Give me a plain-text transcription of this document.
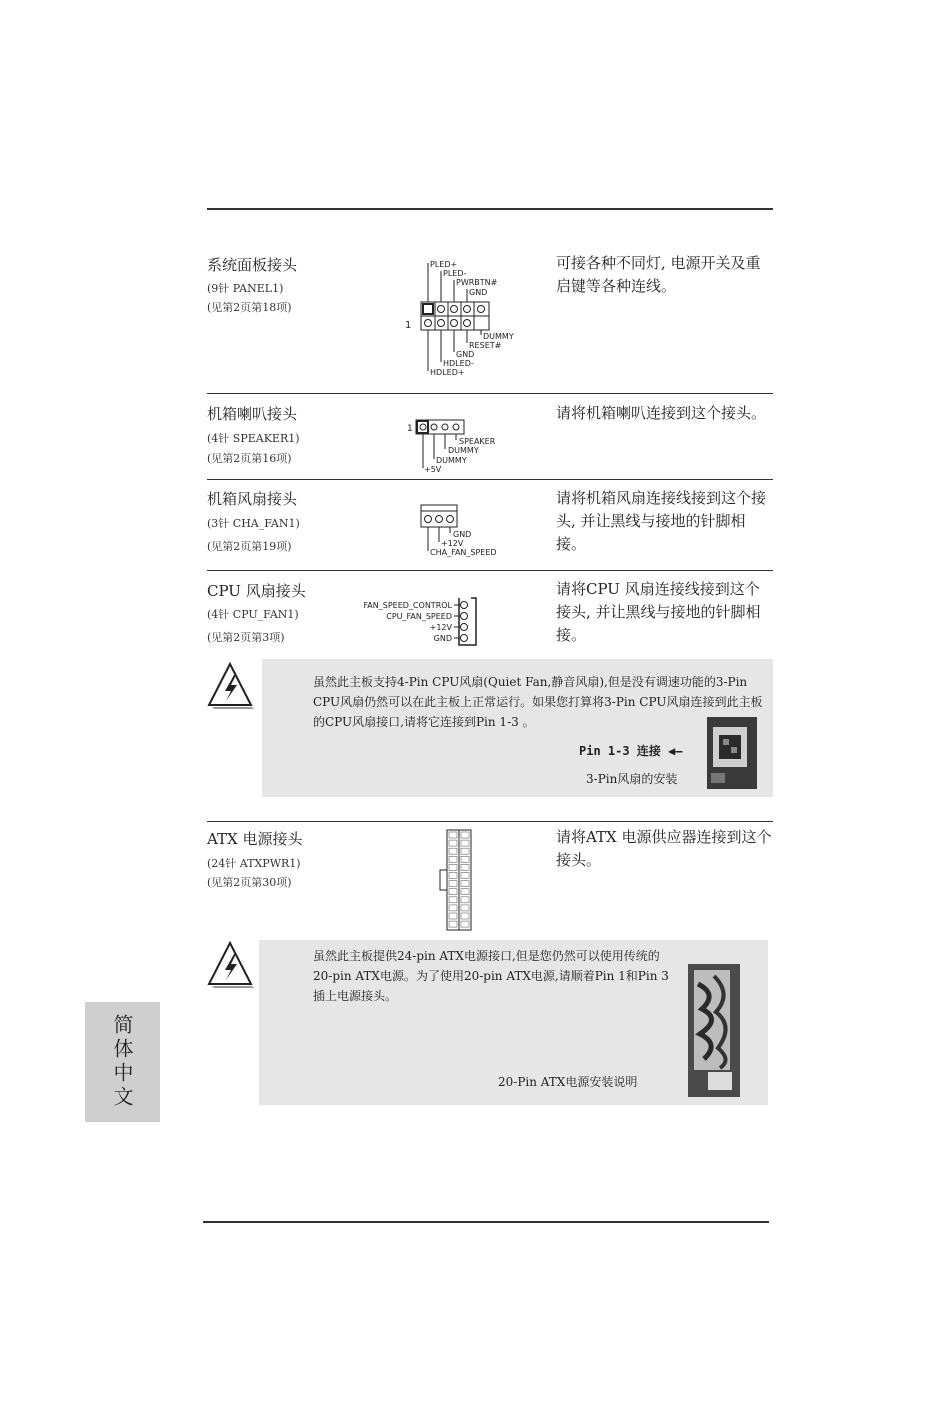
系统面板接头
(9针 PANEL1)
(见第2页第18项)
可接各种不同灯, 电源开关及重启键等各种连线。
PLED+
PLED-
PWRBTN#
GND
1
DUMMY
RESET#
GND
HDLED-
HDLED+
机箱喇叭接头
(4针 SPEAKER1)
(见第2页第16项)
请将机箱喇叭连接到这个接头。
1
SPEAKER
DUMMY
DUMMY
+5V
机箱风扇接头
(3针 CHA_FAN1)
(见第2页第19项)
请将机箱风扇连接线接到这个接头, 并让黑线与接地的针脚相接。
GND
+12V
CHA_FAN_SPEED
CPU 风扇接头
(4针 CPU_FAN1)
(见第2页第3项)
请将CPU 风扇连接线接到这个接头, 并让黑线与接地的针脚相接。
FAN_SPEED_CONTROL
CPU_FAN_SPEED
+12V
GND
虽然此主板支持4-Pin CPU风扇(Quiet Fan,静音风扇),但是没有调速功能的3-Pin CPU风扇仍然可以在此主板上正常运行。如果您打算将3-Pin CPU风扇连接到此主板的CPU风扇接口,请将它连接到Pin 1-3 。
Pin 1-3 连接 ◀—
3-Pin风扇的安装
ATX 电源接头
(24针 ATXPWR1)
(见第2页第30项)
请将ATX 电源供应器连接到这个接头。
虽然此主板提供24-pin ATX电源接口,但是您仍然可以使用传统的20-pin ATX电源。为了使用20-pin ATX电源,请顺着Pin 1和Pin 3插上电源接头。
20-Pin ATX电源安装说明
简体中文
